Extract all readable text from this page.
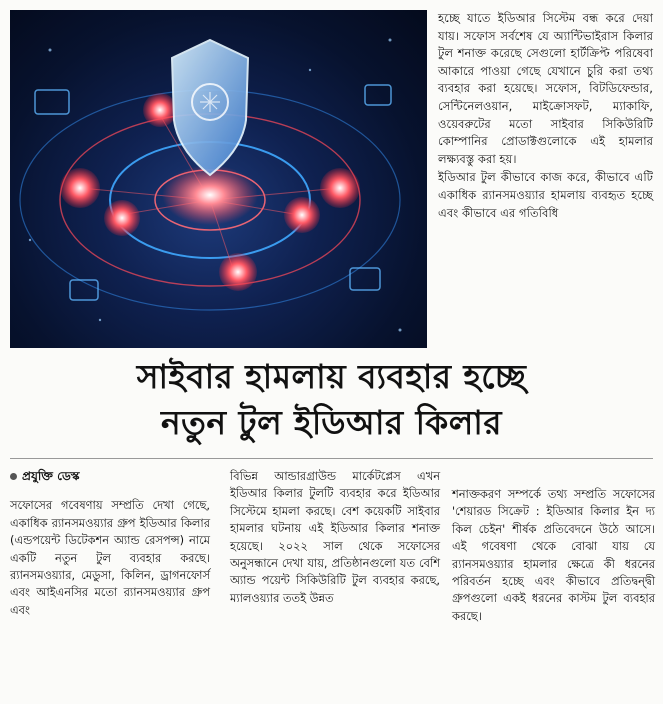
হচ্ছে যাতে ইডিআর সিস্টেম বন্ধ করে দেয়া যায়। সফোস সর্বশেষ যে অ্যান্টিভাইরাস কিলার টুল শনাক্ত করেছে সেগুলো হার্টক্রিপ্ট পরিষেবা আকারে পাওয়া গেছে যেখানে চুরি করা তথ্য ব্যবহার করা হয়েছে। সফোস, বিটডিফেন্ডার, সেন্টিনেলওয়ান, মাইক্রোসফট, ম্যাকাফি, ওয়েবরুটের মতো সাইবার সিকিউরিটি কোম্পানির প্রোডাক্টগুলোকে এই হামলার লক্ষ্যবস্তু করা হয়।

ইডিআর টুল কীভাবে কাজ করে, কীভাবে এটি একাধিক র‍্যানসমওয়্যার হামলায় ব্যবহৃত হচ্ছে এবং কীভাবে এর গতিবিধি

সাইবার হামলায় ব্যবহার হচ্ছে
নতুন টুল ইডিআর কিলার

প্রযুক্তি ডেস্ক

সফোসের গবেষণায় সম্প্রতি দেখা গেছে, একাধিক র‍্যানসমওয়্যার গ্রুপ ইডিআর কিলার (এন্ডপয়েন্ট ডিটেকশন অ্যান্ড রেসপন্স) নামে একটি নতুন টুল ব্যবহার করছে। র‍্যানসমওয়্যার, মেডুসা, কিলিন, ড্রাগনফোর্স এবং আইএনসির মতো র‍্যানসমওয়্যার গ্রুপ এবং

বিভিন্ন আন্ডারগ্রাউন্ড মার্কেটপ্লেস এখন ইডিআর কিলার টুলটি ব্যবহার করে ইডিআর সিস্টেমে হামলা করছে। বেশ কয়েকটি সাইবার হামলার ঘটনায় এই ইডিআর কিলার শনাক্ত হয়েছে। ২০২২ সাল থেকে সফোসের অনুসন্ধানে দেখা যায়, প্রতিষ্ঠানগুলো যত বেশি অ্যান্ড পয়েন্ট সিকিউরিটি টুল ব্যবহার করছে, ম্যালওয়্যার ততই উন্নত

শনাক্তকরণ সম্পর্কে তথ্য সম্প্রতি সফোসের 'শেয়ারড সিক্রেট : ইডিআর কিলার ইন দ্য কিল চেইন' শীর্ষক প্রতিবেদনে উঠে আসে। এই গবেষণা থেকে বোঝা যায় যে র‍্যানসমওয়্যার হামলার ক্ষেত্রে কী ধরনের পরিবর্তন হচ্ছে এবং কীভাবে প্রতিদ্বন্দ্বী গ্রুপগুলো একই ধরনের কাস্টম টুল ব্যবহার করছে।
